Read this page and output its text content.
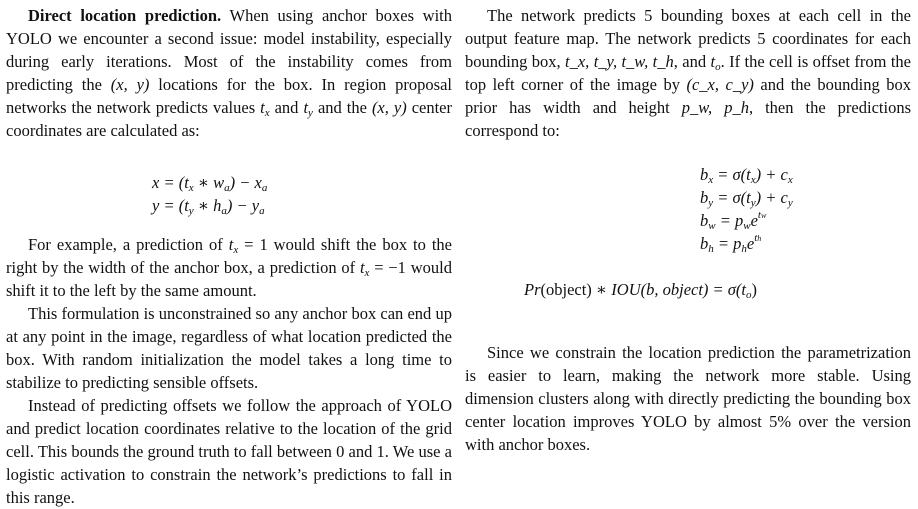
Direct location prediction. When using anchor boxes with YOLO we encounter a second issue: model instability, especially during early iterations. Most of the instability comes from predicting the (x, y) locations for the box. In region proposal networks the network predicts values $t_x$ and $t_y$ and the (x, y) center coordinates are calculated as:

$x = (t_x$ ∗ $w_a) - x_a$
$y = (t_y$ ∗ $h_a) - y_a$

For example, a prediction of $t_x = 1$ would shift the box to the right by the width of the anchor box, a prediction of $t_x = -1$ would shift it to the left by the same amount.

This formulation is unconstrained so any anchor box can end up at any point in the image, regardless of what location predicted the box. With random initialization the model takes a long time to stabilize to predicting sensible offsets.

Instead of predicting offsets we follow the approach of YOLO and predict location coordinates relative to the location of the grid cell. This bounds the ground truth to fall between 0 and 1. We use a logistic activation to constrain the network’s predictions to fall in this range.

The network predicts 5 bounding boxes at each cell in the output feature map. The network predicts 5 coordinates for each bounding box, t_x, t_y, t_w, t_h, and $t_o$. If the cell is offset from the top left corner of the image by (c_x, c_y) and the bounding box prior has width and height p_w, p_h, then the predictions correspond to:

$b_x = \sigma(t_x) + c_x$
$b_y = \sigma(t_y) + c_y$
$b_w = p_we^{tw}$
$b_h = p_he^{th}$
Pr(object) ∗ IOU(b, object) = $\sigma(t_o)$

Since we constrain the location prediction the parametrization is easier to learn, making the network more stable. Using dimension clusters along with directly predicting the bounding box center location improves YOLO by almost 5% over the version with anchor boxes.
